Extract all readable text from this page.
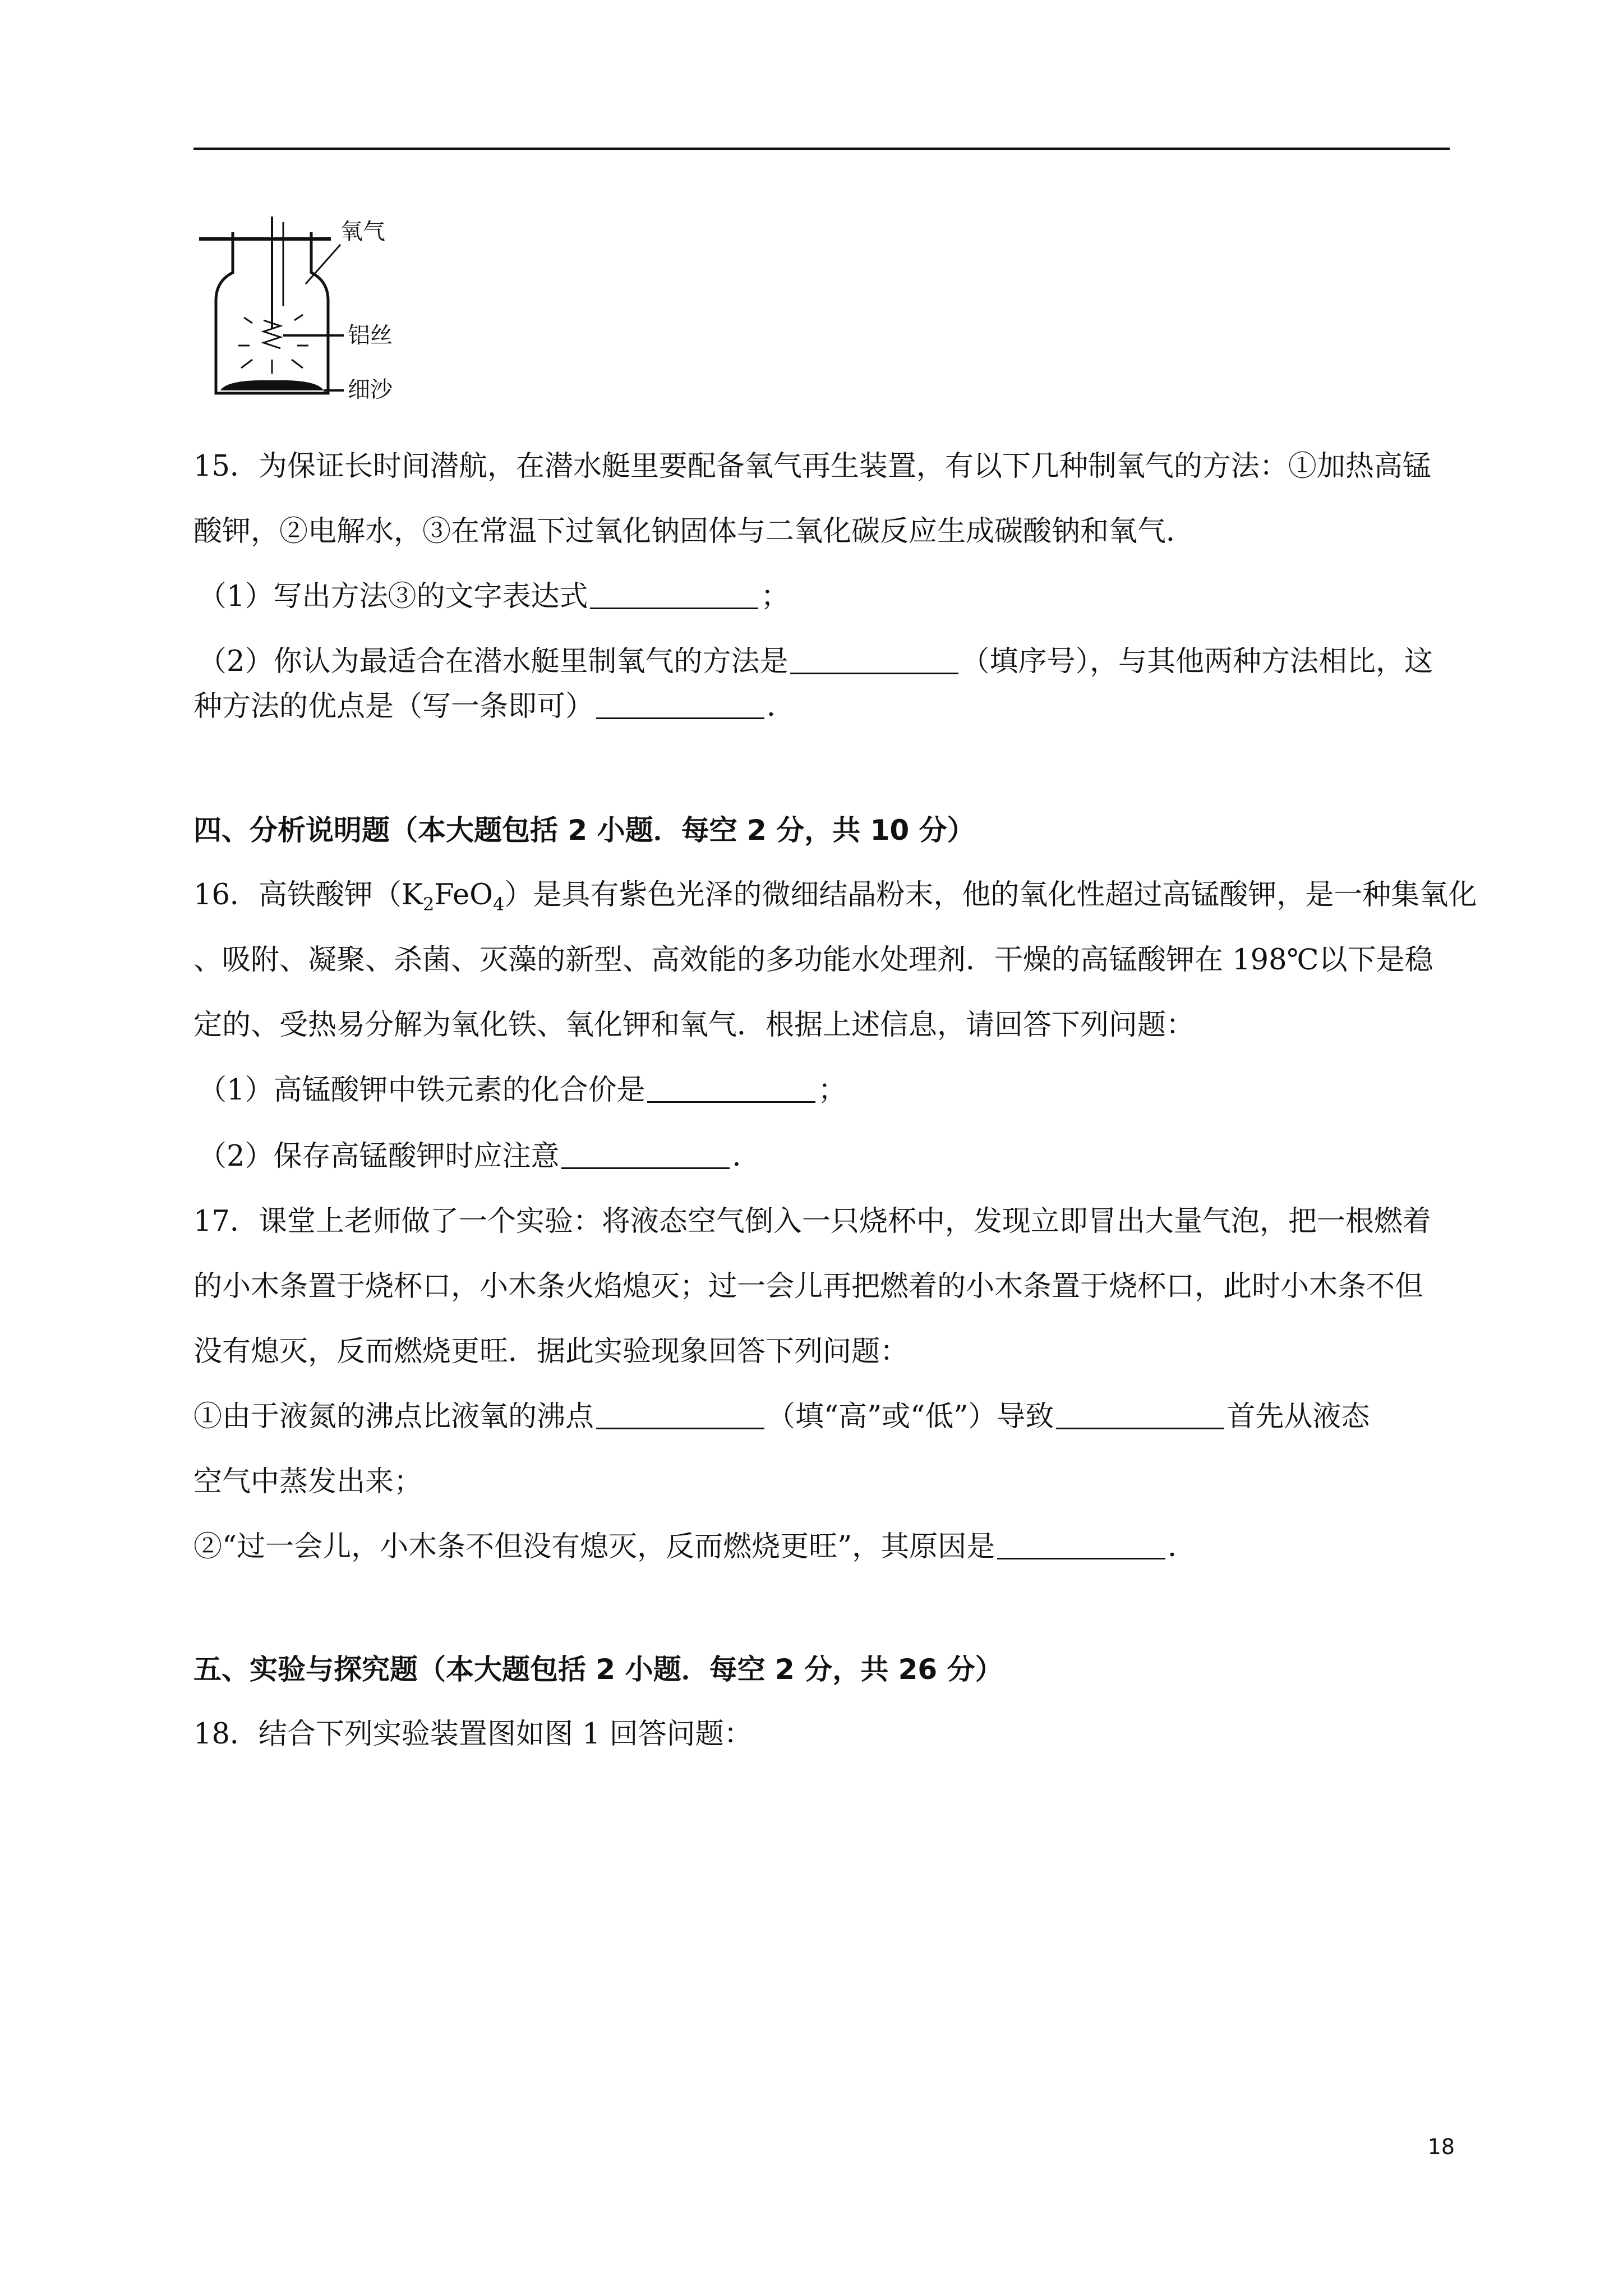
氧气
铝丝
细沙
15．为保证长时间潜航，在潜水艇里要配备氧气再生装置，有以下几种制氧气的方法：①加热高锰
酸钾，②电解水，③在常温下过氧化钠固体与二氧化碳反应生成碳酸钠和氧气．
（1）写出方法③的文字表达式	；
（2）你认为最适合在潜水艇里制氧气的方法是	（填序号），与其他两种方法相比，这
种方法的优点是（写一条即可）	．
四、分析说明题（本大题包括 2 小题．每空 2 分，共 10 分）
16．高铁酸钾$(K_2FeO_4)$是具有紫色光泽的微细结晶粉末，他的氧化性超过高锰酸钾，是一种集氧化
、吸附、凝聚、杀菌、灭藻的新型、高效能的多功能水处理剂．干燥的高锰酸钾在 198℃以下是稳
定的、受热易分解为氧化铁、氧化钾和氧气．根据上述信息，请回答下列问题：
（1）高锰酸钾中铁元素的化合价是	；
（2）保存高锰酸钾时应注意	．
17．课堂上老师做了一个实验：将液态空气倒入一只烧杯中，发现立即冒出大量气泡，把一根燃着
的小木条置于烧杯口，小木条火焰熄灭；过一会儿再把燃着的小木条置于烧杯口，此时小木条不但
没有熄灭，反而燃烧更旺．据此实验现象回答下列问题：
①由于液氮的沸点比液氧的沸点	（填“高”或“低”）导致	首先从液态
空气中蒸发出来；
②“过一会儿，小木条不但没有熄灭，反而燃烧更旺”，其原因是	．
五、实验与探究题（本大题包括 2 小题．每空 2 分，共 26 分）
18．结合下列实验装置图如图 1 回答问题：
18
